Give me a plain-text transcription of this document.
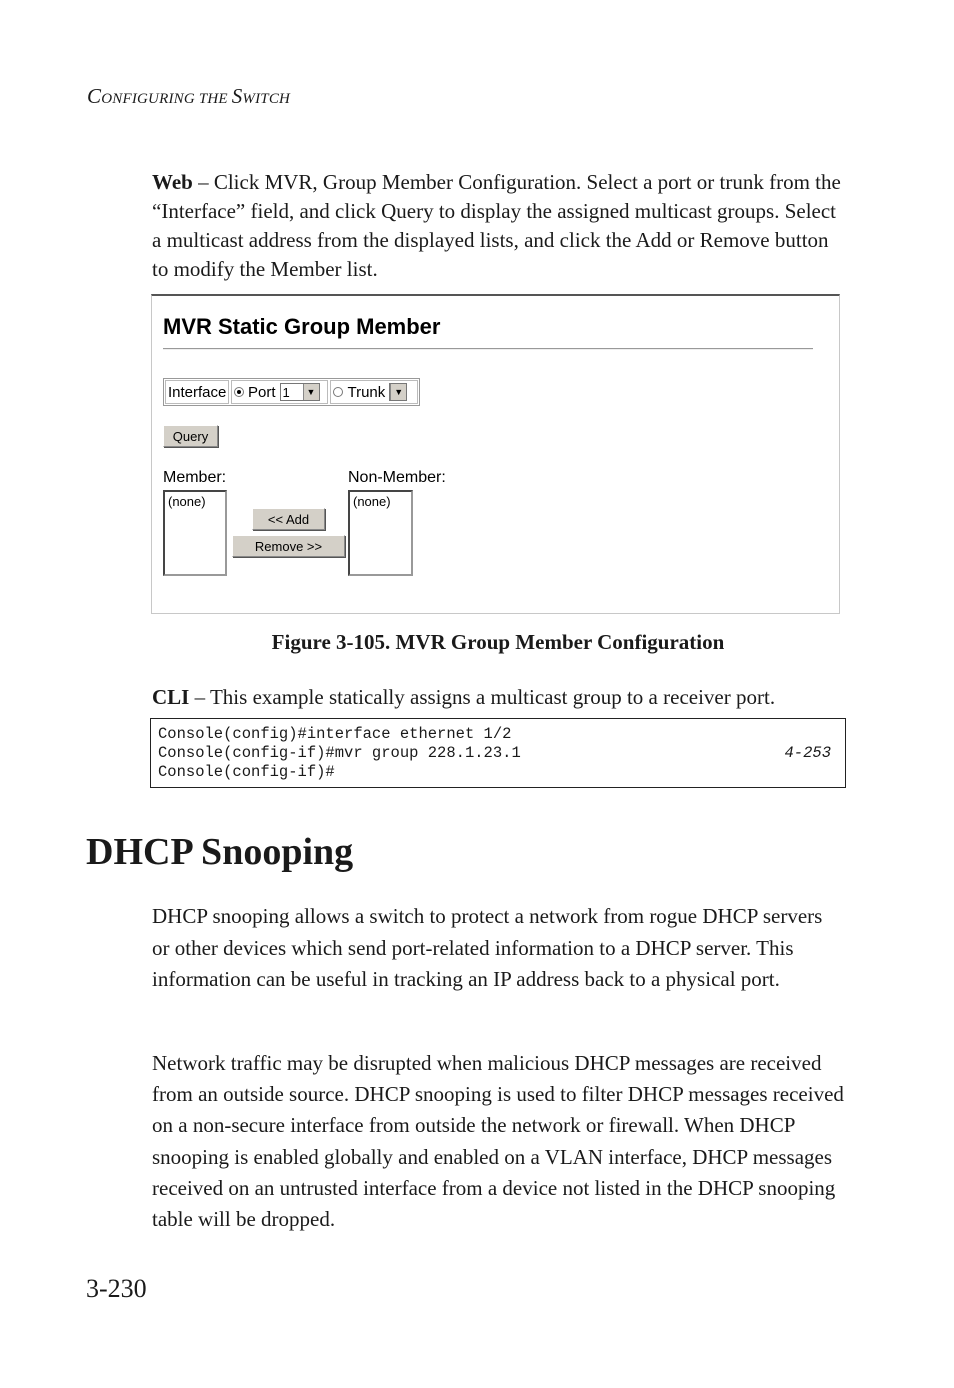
CONFIGURING THE SWITCH

Web – Click MVR, Group Member Configuration. Select a port or trunk from the “Interface” field, and click Query to display the assigned multicast groups. Select a multicast address from the displayed lists, and click the Add or Remove button to modify the Member list.

MVR Static Group Member
Interface Port 1	▼ Trunk	▼
Query
Member:
(none)
<< Add
Remove >>
Non-Member:
(none)
Figure 3-105. MVR Group Member Configuration

CLI – This example statically assigns a multicast group to a receiver port.

Console(config)#interface ethernet 1/2
Console(config-if)#mvr group 228.1.23.1	4-253
Console(config-if)#
DHCP Snooping

DHCP snooping allows a switch to protect a network from rogue DHCP servers or other devices which send port-related information to a DHCP server. This information can be useful in tracking an IP address back to a physical port.

Network traffic may be disrupted when malicious DHCP messages are received from an outside source. DHCP snooping is used to filter DHCP messages received on a non-secure interface from outside the network or firewall. When DHCP snooping is enabled globally and enabled on a VLAN interface, DHCP messages received on an untrusted interface from a device not listed in the DHCP snooping table will be dropped.

3-230
